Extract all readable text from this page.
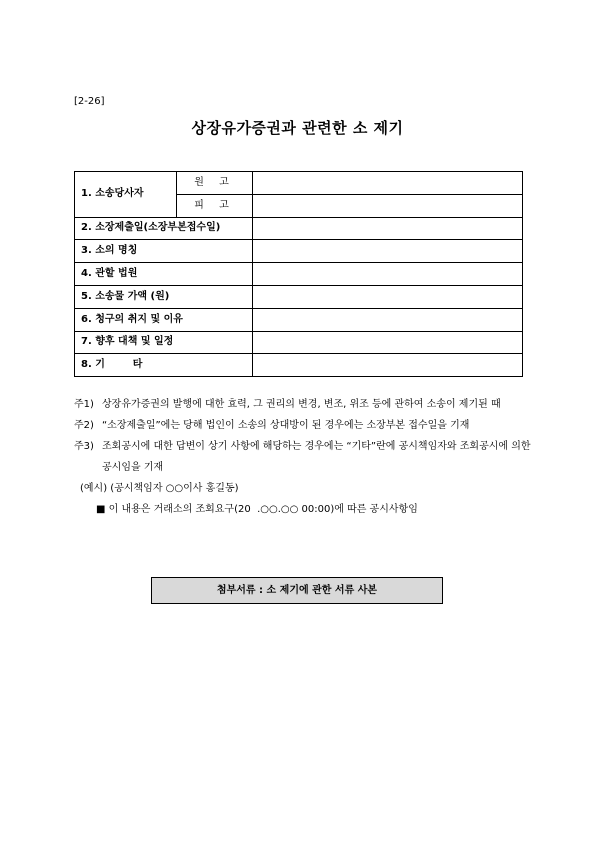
[2-26]
상장유가증권과 관련한 소 제기
1. 소송당사자	원 고	
	피 고	
2. 소장제출일(소장부본접수일)		
3. 소의 명칭		
4. 관할 법원		
5. 소송물 가액 (원)		
6. 청구의 취지 및 이유		
7. 향후 대책 및 일정		
8. 기        타		
주1) 상장유가증권의 발행에 대한 효력, 그 권리의 변경, 변조, 위조 등에 관하여 소송이 제기된 때
주2) “소장제출일”에는 당해 법인이 소송의 상대방이 된 경우에는 소장부본 접수일을 기재
주3) 조회공시에 대한 답변이 상기 사항에 해당하는 경우에는 “기타”란에 공시책임자와 조회공시에 의한 공시임을 기재
(예시) (공시책임자 ○○이사 홍길동)
■ 이 내용은 거래소의 조회요구(20  .○○.○○ 00:00)에 따른 공시사항임
첨부서류 : 소 제기에 관한 서류 사본
